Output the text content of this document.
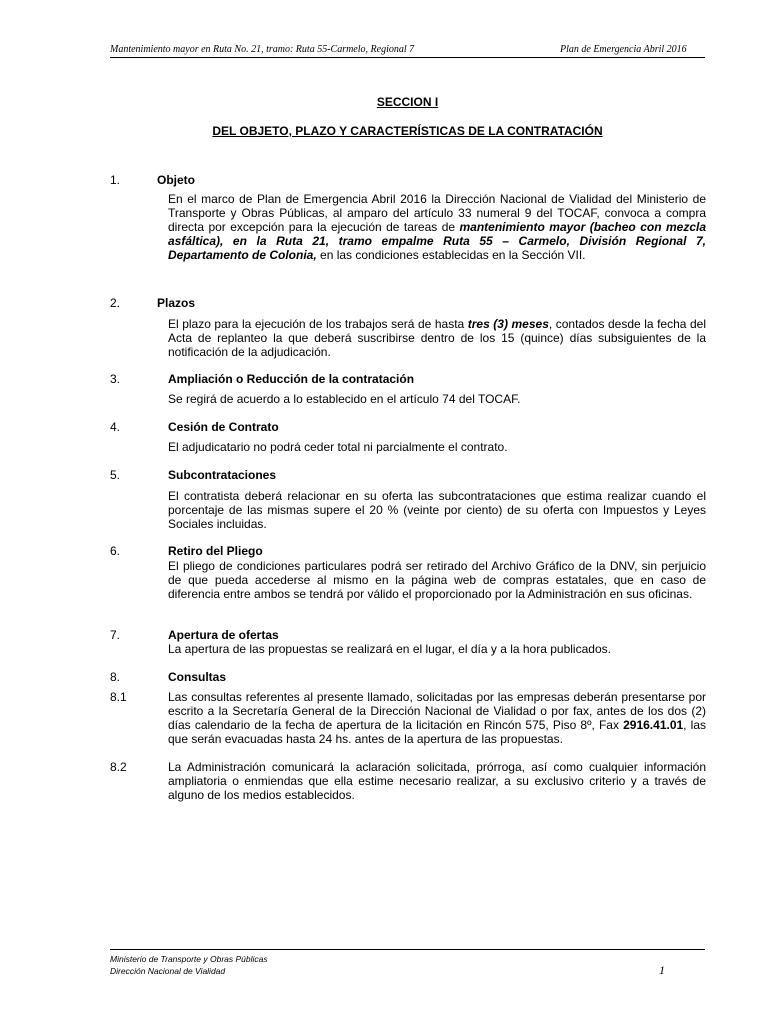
Mantenimiento mayor en Ruta No. 21, tramo: Ruta 55-Carmelo, Regional 7	Plan de Emergencia Abril 2016
SECCION I
DEL OBJETO, PLAZO Y CARACTERÍSTICAS DE LA CONTRATACIÓN
1.	Objeto
En el marco de Plan de Emergencia Abril 2016 la Dirección Nacional de Vialidad del Ministerio de Transporte y Obras Públicas, al amparo del artículo 33 numeral 9 del TOCAF, convoca a compra directa por excepción para la ejecución de tareas de mantenimiento mayor (bacheo con mezcla asfáltica), en la Ruta 21, tramo empalme Ruta 55 – Carmelo, División Regional 7, Departamento de Colonia, en las condiciones establecidas en la Sección VII.
2.	Plazos
El plazo para la ejecución de los trabajos será de hasta tres (3) meses, contados desde la fecha del Acta de replanteo la que deberá suscribirse dentro de los 15 (quince) días subsiguientes de la notificación de la adjudicación.
3.	Ampliación o Reducción de la contratación
Se regirá de acuerdo a lo establecido en el artículo 74 del TOCAF.
4.	Cesión de Contrato
El adjudicatario no podrá ceder total ni parcialmente el contrato.
5.	Subcontrataciones
El contratista deberá relacionar en su oferta las subcontrataciones que estima realizar cuando el porcentaje de las mismas supere el 20 % (veinte por ciento) de su oferta con Impuestos y Leyes Sociales incluidas.
6.	Retiro del Pliego
El pliego de condiciones particulares podrá ser retirado del Archivo Gráfico de la DNV, sin perjuicio de que pueda accederse al mismo en la página web de compras estatales, que en caso de diferencia entre ambos se tendrá por válido el proporcionado por la Administración en sus oficinas.
7.	Apertura de ofertas
La apertura de las propuestas se realizará en el lugar, el día y a la hora publicados.
8.	Consultas
8.1	Las consultas referentes al presente llamado, solicitadas por las empresas deberán presentarse por escrito a la Secretaría General de la Dirección Nacional de Vialidad o por fax, antes de los dos (2) días calendario de la fecha de apertura de la licitación en Rincón 575, Piso 8º, Fax 2916.41.01, las que serán evacuadas hasta 24 hs. antes de la apertura de las propuestas.
8.2	La Administración comunicará la aclaración solicitada, prórroga, así como cualquier información ampliatoria o enmiendas que ella estime necesario realizar, a su exclusivo criterio y a través de alguno de los medios establecidos.
Ministerio de Transporte y Obras Públicas
Dirección Nacional de Vialidad	1
